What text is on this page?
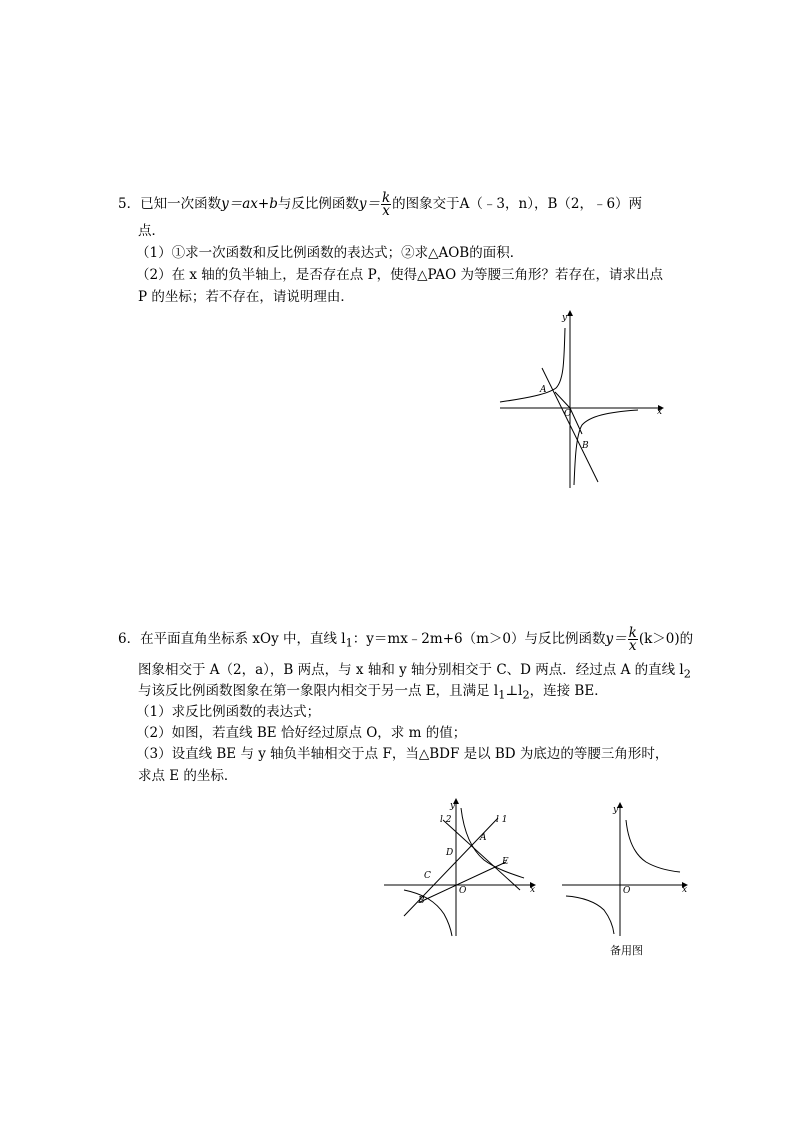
5．已知一次函数y＝ax+b与反比例函数$y= \frac{k}{x}$ 的图象交于A（﹣3，n），B（2，﹣6）两
点．
（1）①求一次函数和反比例函数的表达式；②求△AOB的面积．
（2）在 x 轴的负半轴上，是否存在点 P，使得△PAO 为等腰三角形？若存在，请求出点
P 的坐标；若不存在，请说明理由．
y
x
A
O
B
6．在平面直角坐标系 xOy 中，直线 $l_1$：y＝mx﹣2m+6（m＞0）与反比例函数$y= \frac{k}{x} (k>0)$的
图象相交于 A（2，a），B 两点，与 x 轴和 y 轴分别相交于 C、D 两点．经过点 A 的直线 $l_2$
与该反比例函数图象在第一象限内相交于另一点 E，且满足 $l_1\perp l_2$，连接 BE．
（1）求反比例函数的表达式；
（2）如图，若直线 BE 恰好经过原点 O，求 m 的值；
（3）设直线 BE 与 y 轴负半轴相交于点 F，当△BDF 是以 BD 为底边的等腰三角形时，
求点 E 的坐标．
y
x
l 2	l 1
A
D
E
C
O
B
y
x
O
备用图
